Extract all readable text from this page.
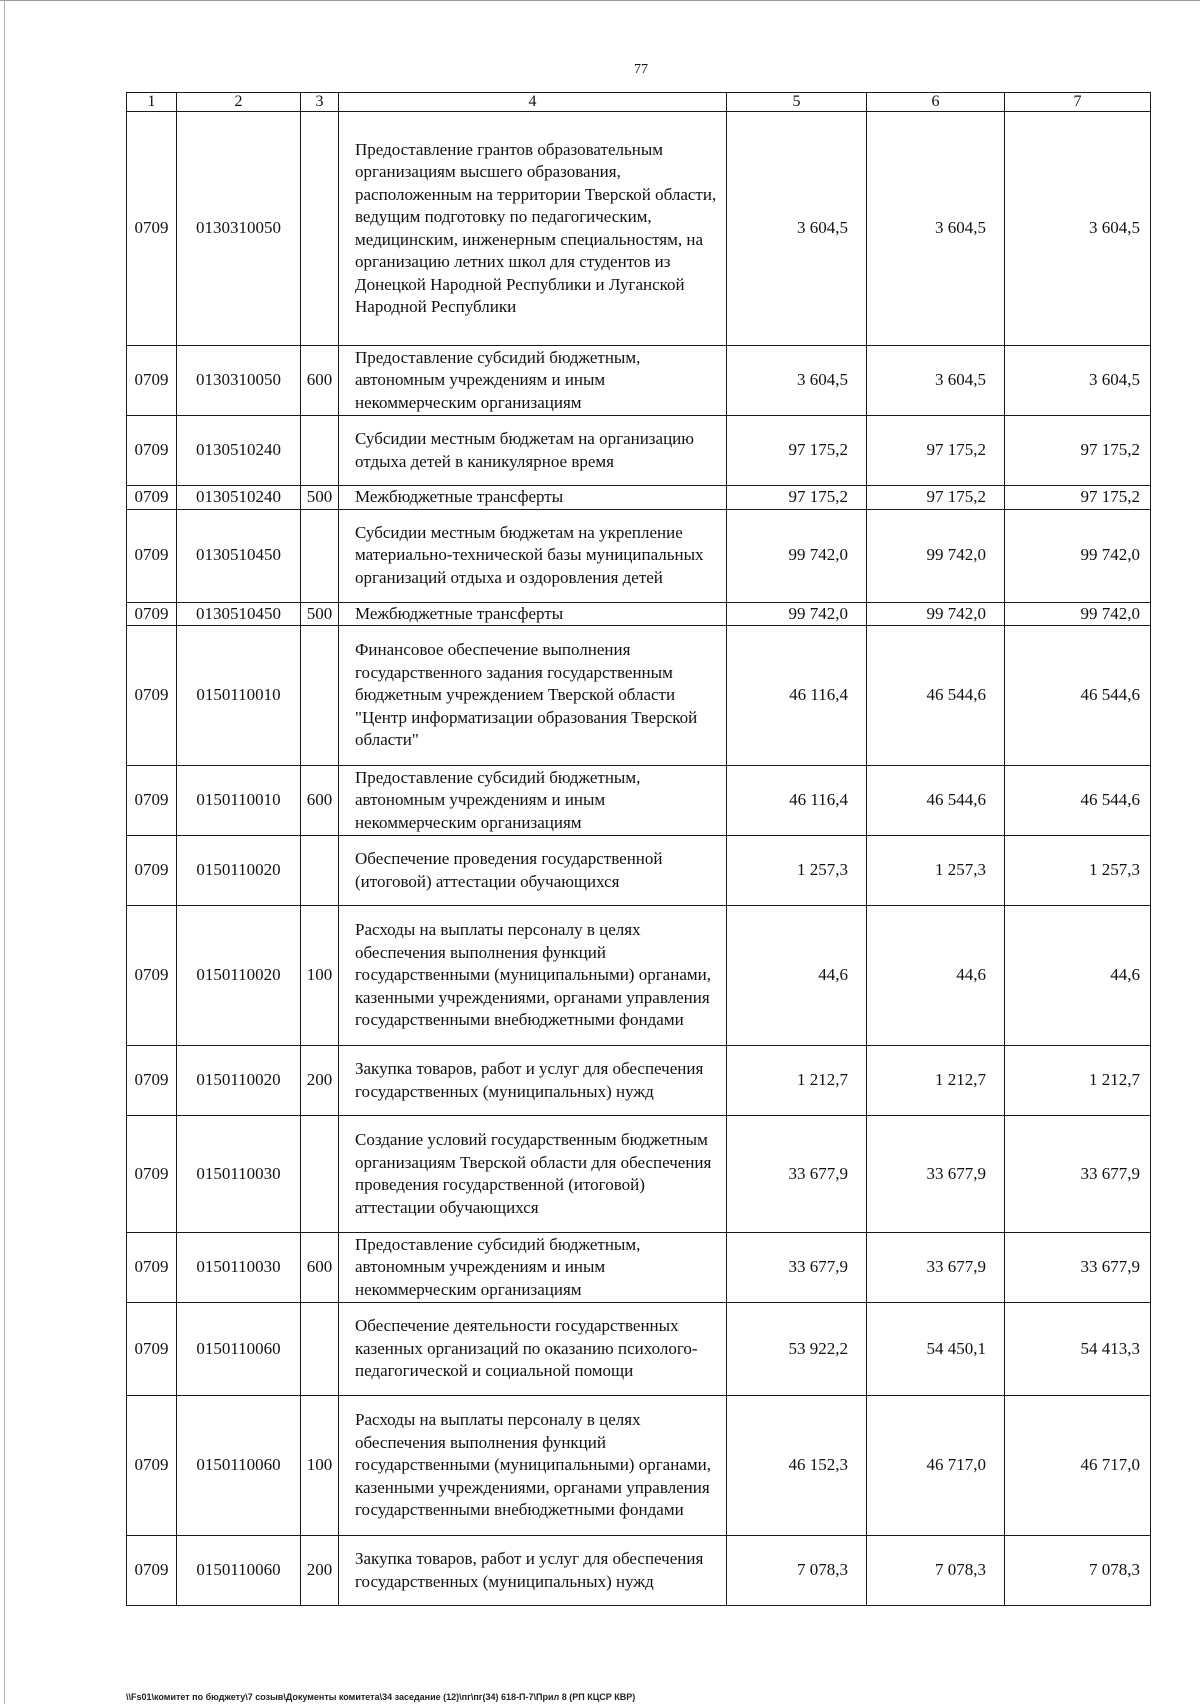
77
1	2	3	4	5	6	7
0709	0130310050		Предоставление грантов образовательным организациям высшего образования, расположенным на территории Тверской области, ведущим подготовку по педагогическим, медицинским, инженерным специальностям, на организацию летних школ для студентов из Донецкой Народной Республики и Луганской Народной Республики	3 604,5	3 604,5	3 604,5
0709	0130310050	600	Предоставление субсидий бюджетным, автономным учреждениям и иным некоммерческим организациям	3 604,5	3 604,5	3 604,5
0709	0130510240		Субсидии местным бюджетам на организацию отдыха детей в каникулярное время	97 175,2	97 175,2	97 175,2
0709	0130510240	500	Межбюджетные трансферты	97 175,2	97 175,2	97 175,2
0709	0130510450		Субсидии местным бюджетам на укрепление материально-технической базы муниципальных организаций отдыха и оздоровления детей	99 742,0	99 742,0	99 742,0
0709	0130510450	500	Межбюджетные трансферты	99 742,0	99 742,0	99 742,0
0709	0150110010		Финансовое обеспечение выполнения государственного задания государственным бюджетным учреждением Тверской области "Центр информатизации образования Тверской области"	46 116,4	46 544,6	46 544,6
0709	0150110010	600	Предоставление субсидий бюджетным, автономным учреждениям и иным некоммерческим организациям	46 116,4	46 544,6	46 544,6
0709	0150110020		Обеспечение проведения государственной (итоговой) аттестации обучающихся	1 257,3	1 257,3	1 257,3
0709	0150110020	100	Расходы на выплаты персоналу в целях обеспечения выполнения функций государственными (муниципальными) органами, казенными учреждениями, органами управления государственными внебюджетными фондами	44,6	44,6	44,6
0709	0150110020	200	Закупка товаров, работ и услуг для обеспечения государственных (муниципальных) нужд	1 212,7	1 212,7	1 212,7
0709	0150110030		Создание условий государственным бюджетным организациям Тверской области для обеспечения проведения государственной (итоговой) аттестации обучающихся	33 677,9	33 677,9	33 677,9
0709	0150110030	600	Предоставление субсидий бюджетным, автономным учреждениям и иным некоммерческим организациям	33 677,9	33 677,9	33 677,9
0709	0150110060		Обеспечение деятельности государственных казенных организаций по оказанию психолого-педагогической и социальной помощи	53 922,2	54 450,1	54 413,3
0709	0150110060	100	Расходы на выплаты персоналу в целях обеспечения выполнения функций государственными (муниципальными) органами, казенными учреждениями, органами управления государственными внебюджетными фондами	46 152,3	46 717,0	46 717,0
0709	0150110060	200	Закупка товаров, работ и услуг для обеспечения государственных (муниципальных) нужд	7 078,3	7 078,3	7 078,3
\\Fs01\комитет по бюджету\7 созыв\Документы комитета\34 заседание (12)\пг\пг(34) 618-П-7\Прил 8 (РП КЦСР КВР)
